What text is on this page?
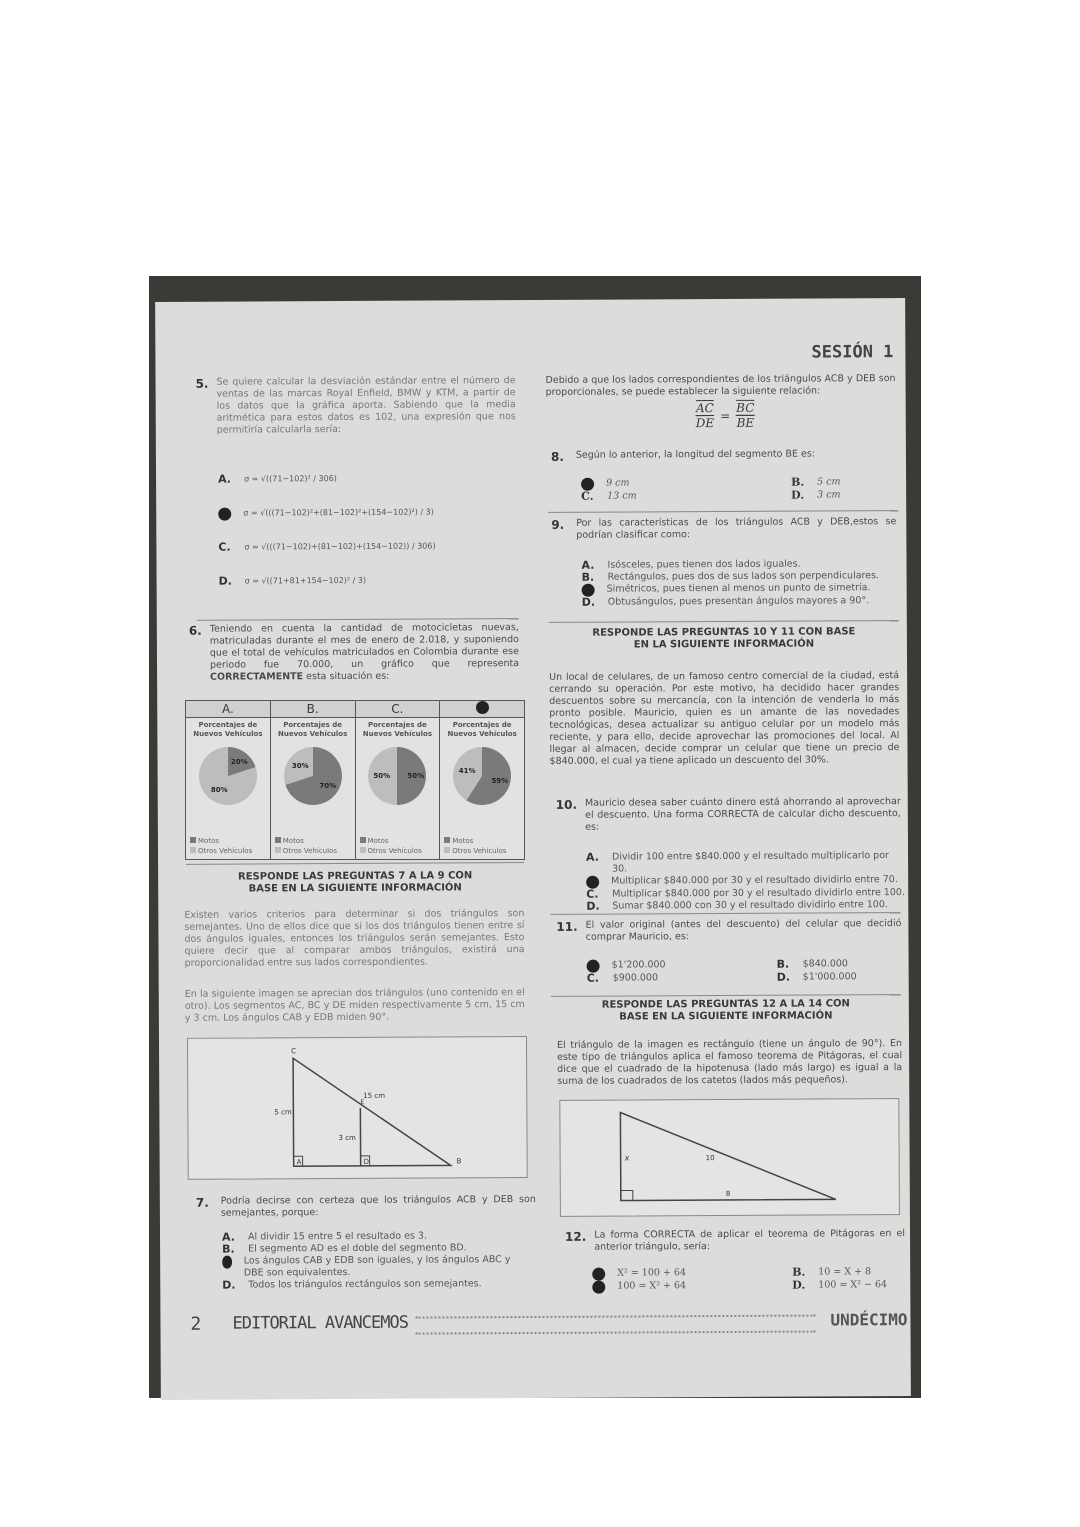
SESIÓN 1
5. Se quiere calcular la desviación estándar entre el número de ventas de las marcas Royal Enfield, BMW y KTM, a partir de los datos que la gráfica aporta. Sabiendo que la media aritmética para estos datos es 102, una expresión que nos permitiría calcularla sería:
A. σ = √((71−102)² / 306)
σ = √(((71−102)²+(81−102)²+(154−102)²) / 3)
C. σ = √(((71−102)+(81−102)+(154−102)) / 306)
D. σ = √((71+81+154−102)² / 3)
6. Teniendo en cuenta la cantidad de motocicletas nuevas, matriculadas durante el mes de enero de 2.018, y suponiendo que el total de vehículos matriculados en Colombia durante ese periodo fue 70.000, un gráfico que representa CORRECTAMENTE esta situación es:
A.
Porcentajes de Nuevos Vehículos
20%
80%
Motos
Otros Vehículos
B.
Porcentajes de Nuevos Vehículos
70%
30%
Motos
Otros Vehículos
C.
Porcentajes de Nuevos Vehículos
50%
50%
Motos
Otros Vehículos
Porcentajes de Nuevos Vehículos
59%
41%
Motos
Otros Vehículos
RESPONDE LAS PREGUNTAS 7 A LA 9 CON
BASE EN LA SIGUIENTE INFORMACIÓN
Existen varios criterios para determinar si dos triángulos son semejantes. Uno de ellos dice que si los dos triángulos tienen entre sí dos ángulos iguales, entonces los triángulos serán semejantes. Esto quiere decir que al comparar ambos triángulos, existirá una proporcionalidad entre sus lados correspondientes.
En la siguiente imagen se aprecian dos triángulos (uno contenido en el otro). Los segmentos AC, BC y DE miden respectivamente 5 cm, 15 cm y 3 cm. Los ángulos CAB y EDB miden 90°.
C
A	D	B
E
5 cm
15 cm
3 cm
7. Podría decirse con certeza que los triángulos ACB y DEB son semejantes, porque:
A. Al dividir 15 entre 5 el resultado es 3.
B. El segmento AD es el doble del segmento BD.
Los ángulos CAB y EDB son iguales, y los ángulos ABC y DBE son equivalentes.
D. Todos los triángulos rectángulos son semejantes.
Debido a que los lados correspondientes de los triángulos ACB y DEB son proporcionales, se puede establecer la siguiente relación:
$\frac{\overline{AC}}{DE} = \frac{\overline{BC}}{BE}$
8. Según lo anterior, la longitud del segmento BE es:
9 cm	B. 5 cm
C. 13 cm	D. 3 cm
9. Por las características de los triángulos ACB y DEB,estos se podrían clasificar como:
A. Isósceles, pues tienen dos lados iguales.
B. Rectángulos, pues dos de sus lados son perpendiculares.
Simétricos, pues tienen al menos un punto de simetría.
D. Obtusángulos, pues presentan ángulos mayores a 90°.
RESPONDE LAS PREGUNTAS 10 Y 11 CON BASE
EN LA SIGUIENTE INFORMACIÓN
Un local de celulares, de un famoso centro comercial de la ciudad, está cerrando su operación. Por este motivo, ha decidido hacer grandes descuentos sobre su mercancía, con la intención de venderla lo más pronto posible. Mauricio, quien es un amante de las novedades tecnológicas, desea actualizar su antiguo celular por un modelo más reciente, y para ello, decide aprovechar las promociones del local. Al llegar al almacen, decide comprar un celular que tiene un precio de $840.000, el cual ya tiene aplicado un descuento del 30%.
10. Mauricio desea saber cuánto dinero está ahorrando al aprovechar el descuento. Una forma CORRECTA de calcular dicho descuento, es:
A. Dividir 100 entre $840.000 y el resultado multiplicarlo por 30.
Multiplicar $840.000 por 30 y el resultado dividirlo entre 70.
C. Multiplicar $840.000 por 30 y el resultado dividirlo entre 100.
D. Sumar $840.000 con 30 y el resultado dividirlo entre 100.
11. El valor original (antes del descuento) del celular que decidió comprar Mauricio, es:
$1'200.000	B. $840.000
C. $900.000	D. $1'000.000
RESPONDE LAS PREGUNTAS 12 A LA 14 CON
BASE EN LA SIGUIENTE INFORMACIÓN
El triángulo de la imagen es rectángulo (tiene un ángulo de 90°). En este tipo de triángulos aplica el famoso teorema de Pitágoras, el cual dice que el cuadrado de la hipotenusa (lado más largo) es igual a la suma de los cuadrados de los catetos (lados más pequeños).
x	10
8
12. La forma CORRECTA de aplicar el teorema de Pitágoras en el anterior triángulo, sería:
X² = 100 + 64	B. 10 = X + 8
100 = X² + 64	D. 100 = X² − 64
2 EDITORIAL AVANCEMOS	UNDÉCIMO
